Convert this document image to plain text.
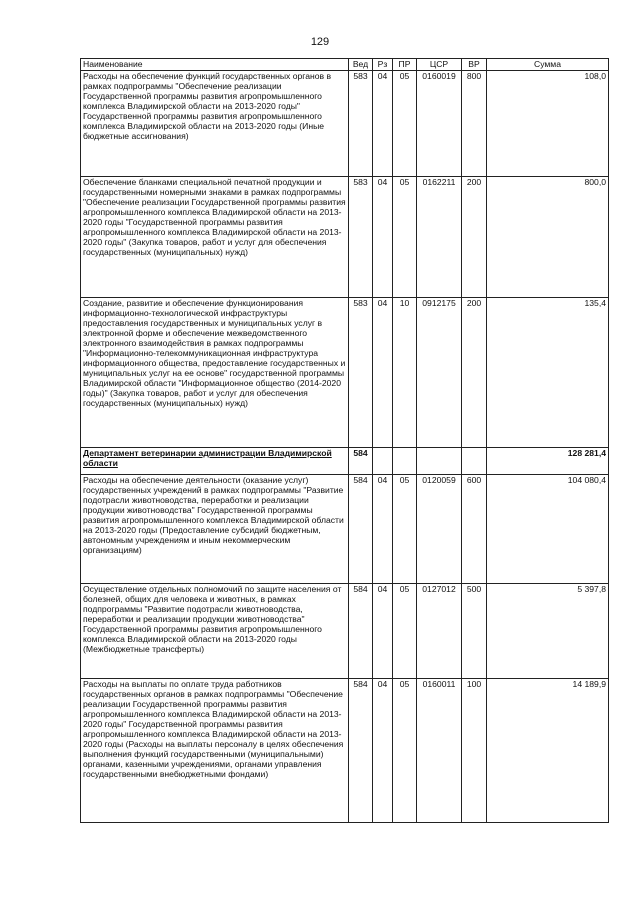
129
Наименование	Вед	Рз	ПР	ЦСР	ВР	Сумма
Расходы на обеспечение функций государственных органов в рамках подпрограммы "Обеспечение реализации Государственной программы развития агропромышленного комплекса Владимирской области на 2013-2020 годы" Государственной программы развития агропромышленного комплекса Владимирской области на 2013-2020 годы (Иные бюджетные ассигнования)	583	04	05	0160019	800	108,0
Обеспечение бланками специальной печатной продукции и государственными номерными знаками в рамках подпрограммы "Обеспечение реализации Государственной программы развития агропромышленного комплекса Владимирской области на 2013-2020 годы "Государственной программы развития агропромышленного комплекса Владимирской области на 2013-2020 годы" (Закупка товаров, работ и услуг для обеспечения государственных (муниципальных) нужд)	583	04	05	0162211	200	800,0
Создание, развитие и обеспечение функционирования информационно-технологической инфраструктуры предоставления государственных и муниципальных услуг в электронной форме и обеспечение межведомственного электронного взаимодействия в рамках подпрограммы "Информационно-телекоммуникационная инфраструктура информационного общества, предоставление государственных и муниципальных услуг на ее основе" государственной программы Владимирской области "Информационное общество (2014-2020 годы)" (Закупка товаров, работ и услуг для обеспечения государственных (муниципальных) нужд)	583	04	10	0912175	200	135,4
Департамент ветеринарии администрации Владимирской области	584					128 281,4
Расходы на обеспечение деятельности (оказание услуг) государственных учреждений в рамках подпрограммы "Развитие подотрасли животноводства, переработки и реализации продукции животноводства" Государственной программы развития агропромышленного комплекса Владимирской области на 2013-2020 годы (Предоставление субсидий бюджетным, автономным учреждениям и иным некоммерческим организациям)	584	04	05	0120059	600	104 080,4
Осуществление отдельных полномочий по защите населения от болезней, общих для человека и животных, в рамках подпрограммы "Развитие подотрасли животноводства, переработки и реализации продукции животноводства" Государственной программы развития агропромышленного комплекса Владимирской области на 2013-2020 годы (Межбюджетные трансферты)	584	04	05	0127012	500	5 397,8
Расходы на выплаты по оплате труда работников государственных органов в рамках подпрограммы "Обеспечение реализации Государственной программы развития агропромышленного комплекса Владимирской области на 2013-2020 годы" Государственной программы развития агропромышленного комплекса Владимирской области на 2013-2020 годы (Расходы на выплаты персоналу в целях обеспечения выполнения функций государственными (муниципальными) органами, казенными учреждениями, органами управления государственными внебюджетными фондами)	584	04	05	0160011	100	14 189,9
